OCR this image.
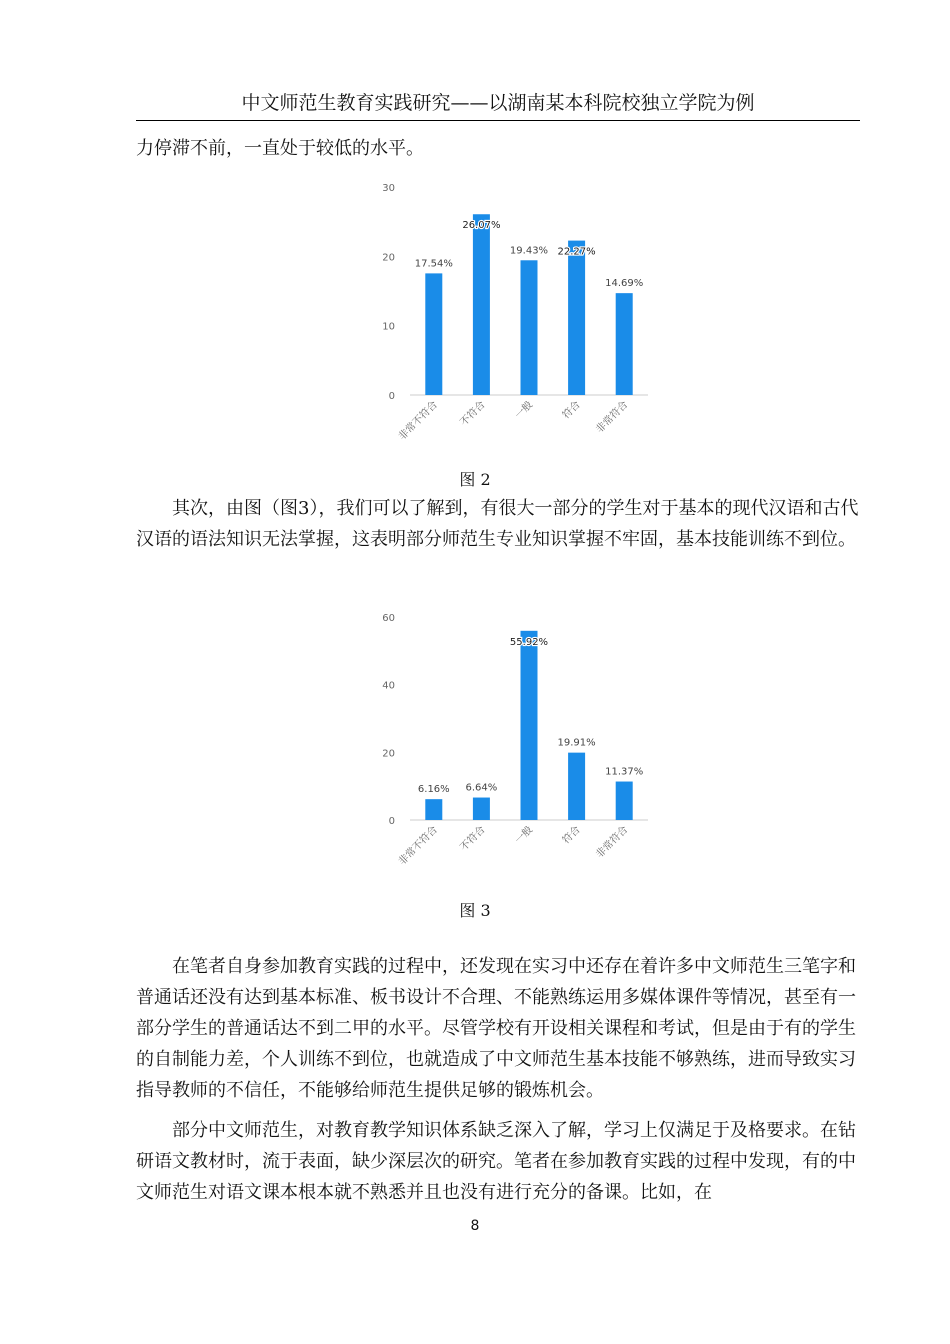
中文师范生教育实践研究——以湖南某本科院校独立学院为例

力停滞不前，一直处于较低的水平。

0
10
20
30
17.54%
非常不符合
26.07%
不符合
19.43%
一般
22.27%
符合
14.69%
非常符合
图 2

其次，由图（图3），我们可以了解到，有很大一部分的学生对于基本的现代汉语和古代汉语的语法知识无法掌握，这表明部分师范生专业知识掌握不牢固，基本技能训练不到位。

0
20
40
60
6.16%
非常不符合
6.64%
不符合
55.92%
一般
19.91%
符合
11.37%
非常符合
图 3

在笔者自身参加教育实践的过程中，还发现在实习中还存在着许多中文师范生三笔字和普通话还没有达到基本标准、板书设计不合理、不能熟练运用多媒体课件等情况，甚至有一部分学生的普通话达不到二甲的水平。尽管学校有开设相关课程和考试，但是由于有的学生的自制能力差，个人训练不到位，也就造成了中文师范生基本技能不够熟练，进而导致实习指导教师的不信任，不能够给师范生提供足够的锻炼机会。

部分中文师范生，对教育教学知识体系缺乏深入了解，学习上仅满足于及格要求。在钻研语文教材时，流于表面，缺少深层次的研究。笔者在参加教育实践的过程中发现，有的中文师范生对语文课本根本就不熟悉并且也没有进行充分的备课。比如，在

8
